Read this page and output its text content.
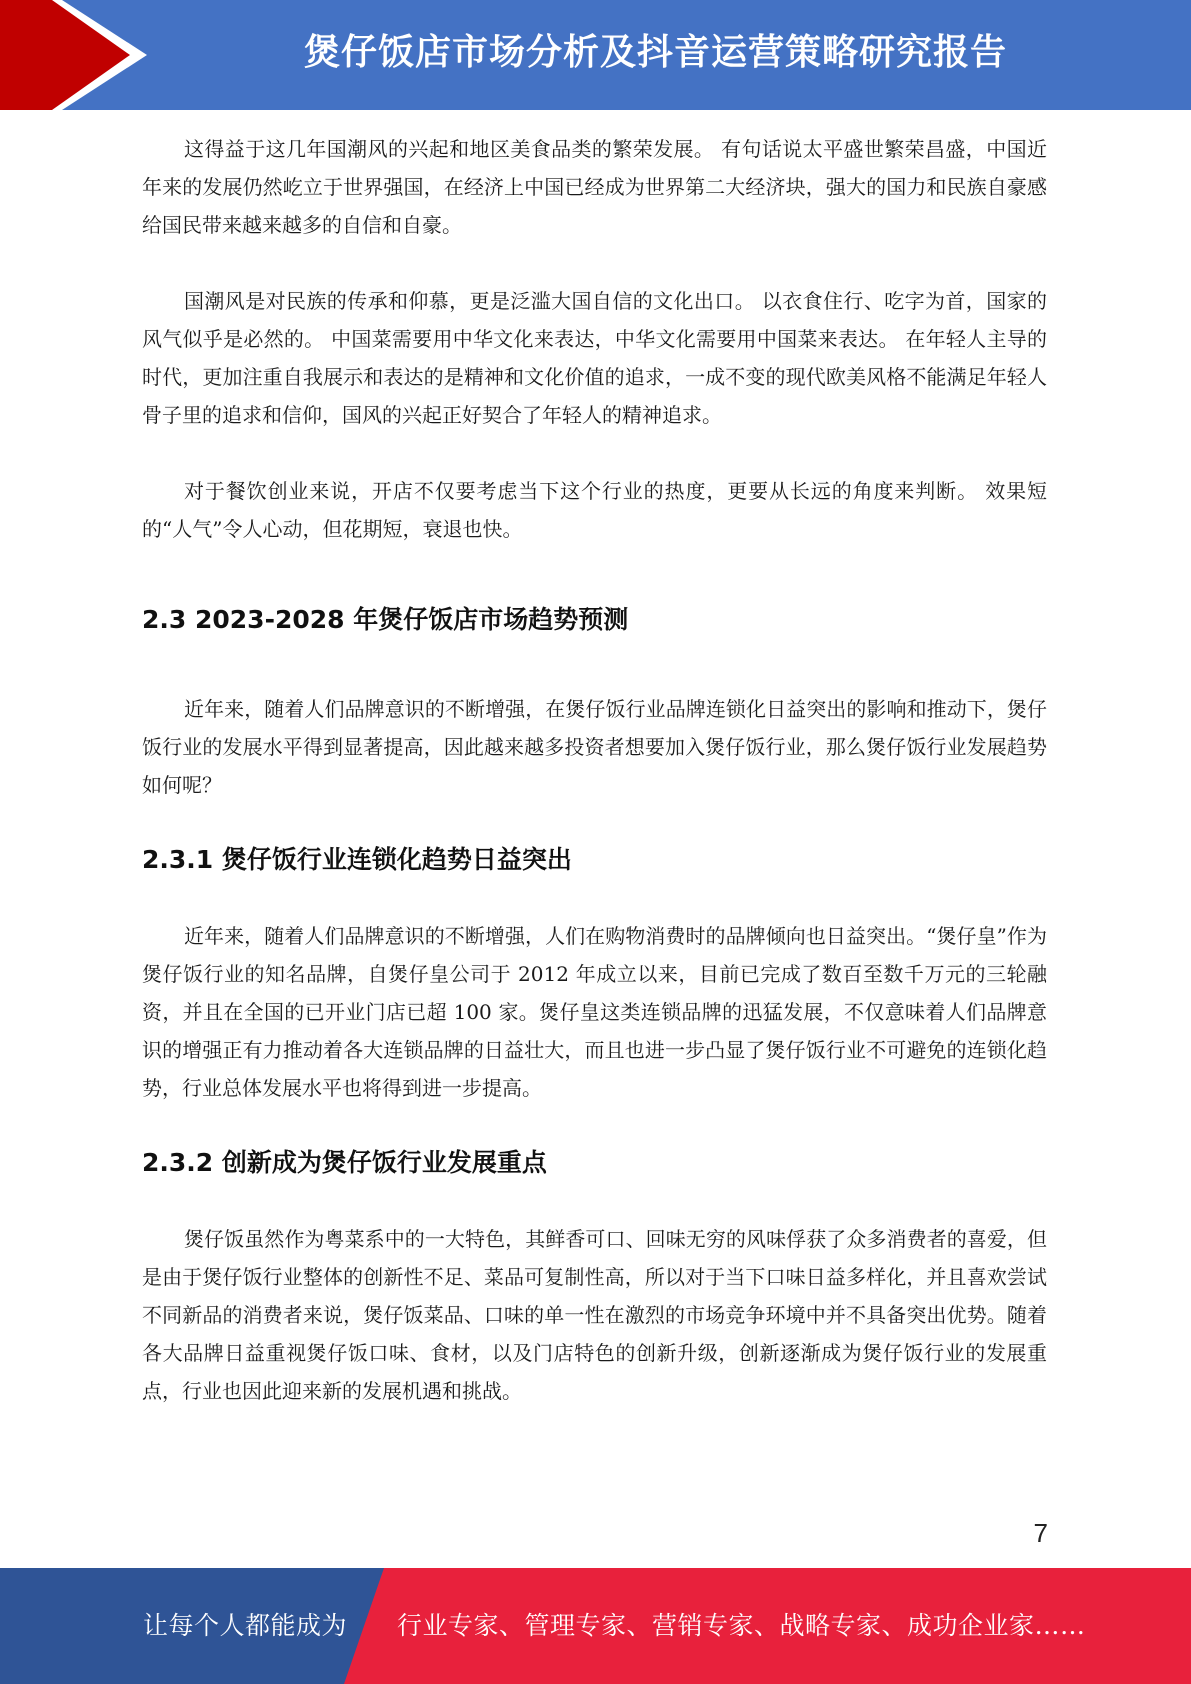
煲仔饭店市场分析及抖音运营策略研究报告

这得益于这几年国潮风的兴起和地区美食品类的繁荣发展。 有句话说太平盛世繁荣昌盛，中国近年来的发展仍然屹立于世界强国，在经济上中国已经成为世界第二大经济块，强大的国力和民族自豪感给国民带来越来越多的自信和自豪。

国潮风是对民族的传承和仰慕，更是泛滥大国自信的文化出口。 以衣食住行、吃字为首，国家的风气似乎是必然的。 中国菜需要用中华文化来表达，中华文化需要用中国菜来表达。 在年轻人主导的时代，更加注重自我展示和表达的是精神和文化价值的追求，一成不变的现代欧美风格不能满足年轻人骨子里的追求和信仰，国风的兴起正好契合了年轻人的精神追求。

对于餐饮创业来说，开店不仅要考虑当下这个行业的热度，更要从长远的角度来判断。 效果短的“人气”令人心动，但花期短，衰退也快。

2.3 2023-2028 年煲仔饭店市场趋势预测

近年来，随着人们品牌意识的不断增强，在煲仔饭行业品牌连锁化日益突出的影响和推动下，煲仔饭行业的发展水平得到显著提高，因此越来越多投资者想要加入煲仔饭行业，那么煲仔饭行业发展趋势如何呢？

2.3.1 煲仔饭行业连锁化趋势日益突出

近年来，随着人们品牌意识的不断增强，人们在购物消费时的品牌倾向也日益突出。“煲仔皇”作为煲仔饭行业的知名品牌，自煲仔皇公司于 2012 年成立以来，目前已完成了数百至数千万元的三轮融资，并且在全国的已开业门店已超 100 家。煲仔皇这类连锁品牌的迅猛发展，不仅意味着人们品牌意识的增强正有力推动着各大连锁品牌的日益壮大，而且也进一步凸显了煲仔饭行业不可避免的连锁化趋势，行业总体发展水平也将得到进一步提高。

2.3.2 创新成为煲仔饭行业发展重点

煲仔饭虽然作为粤菜系中的一大特色，其鲜香可口、回味无穷的风味俘获了众多消费者的喜爱，但是由于煲仔饭行业整体的创新性不足、菜品可复制性高，所以对于当下口味日益多样化，并且喜欢尝试不同新品的消费者来说，煲仔饭菜品、口味的单一性在激烈的市场竞争环境中并不具备突出优势。随着各大品牌日益重视煲仔饭口味、食材，以及门店特色的创新升级，创新逐渐成为煲仔饭行业的发展重点，行业也因此迎来新的发展机遇和挑战。

7
让每个人都能成为 行业专家、管理专家、营销专家、战略专家、成功企业家……
